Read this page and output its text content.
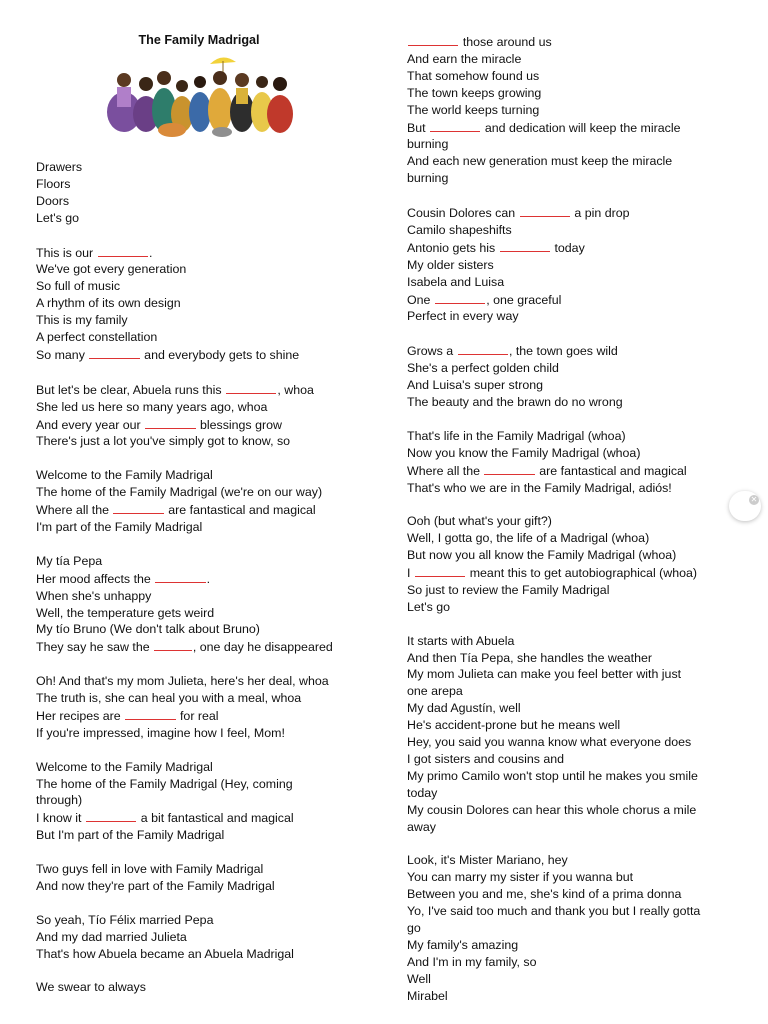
The Family Madrigal
Drawers
Floors
Doors
Let's go
This is our	.
We've got every generation
So full of music
A rhythm of its own design
This is my family
A perfect constellation
So many	and everybody gets to shine
But let's be clear, Abuela runs this	, whoa
She led us here so many years ago, whoa
And every year our	blessings grow
There's just a lot you've simply got to know, so
Welcome to the Family Madrigal
The home of the Family Madrigal (we're on our way)
Where all the	are fantastical and magical
I'm part of the Family Madrigal
My tía Pepa
Her mood affects the	.
When she's unhappy
Well, the temperature gets weird
My tío Bruno (We don't talk about Bruno)
They say he saw the	, one day he disappeared
Oh! And that's my mom Julieta, here's her deal, whoa
The truth is, she can heal you with a meal, whoa
Her recipes are	for real
If you're impressed, imagine how I feel, Mom!
Welcome to the Family Madrigal
The home of the Family Madrigal (Hey, coming
through)
I know it	a bit fantastical and magical
But I'm part of the Family Madrigal
Two guys fell in love with Family Madrigal
And now they're part of the Family Madrigal
So yeah, Tío Félix married Pepa
And my dad married Julieta
That's how Abuela became an Abuela Madrigal
We swear to always
those around us
And earn the miracle
That somehow found us
The town keeps growing
The world keeps turning
But	and dedication will keep the miracle
burning
And each new generation must keep the miracle
burning
Cousin Dolores can	a pin drop
Camilo shapeshifts
Antonio gets his	today
My older sisters
Isabela and Luisa
One	, one graceful
Perfect in every way
Grows a	, the town goes wild
She's a perfect golden child
And Luisa's super strong
The beauty and the brawn do no wrong
That's life in the Family Madrigal (whoa)
Now you know the Family Madrigal (whoa)
Where all the	are fantastical and magical
That's who we are in the Family Madrigal, adiós!
Ooh (but what's your gift?)
Well, I gotta go, the life of a Madrigal (whoa)
But now you all know the Family Madrigal (whoa)
I	meant this to get autobiographical (whoa)
So just to review the Family Madrigal
Let's go
It starts with Abuela
And then Tía Pepa, she handles the weather
My mom Julieta can make you feel better with just
one arepa
My dad Agustín, well
He's accident-prone but he means well
Hey, you said you wanna know what everyone does
I got sisters and cousins and
My primo Camilo won't stop until he makes you smile
today
My cousin Dolores can hear this whole chorus a mile
away
Look, it's Mister Mariano, hey
You can marry my sister if you wanna but
Between you and me, she's kind of a prima donna
Yo, I've said too much and thank you but I really gotta
go
My family's amazing
And I'm in my family, so
Well
Mirabel
✕
